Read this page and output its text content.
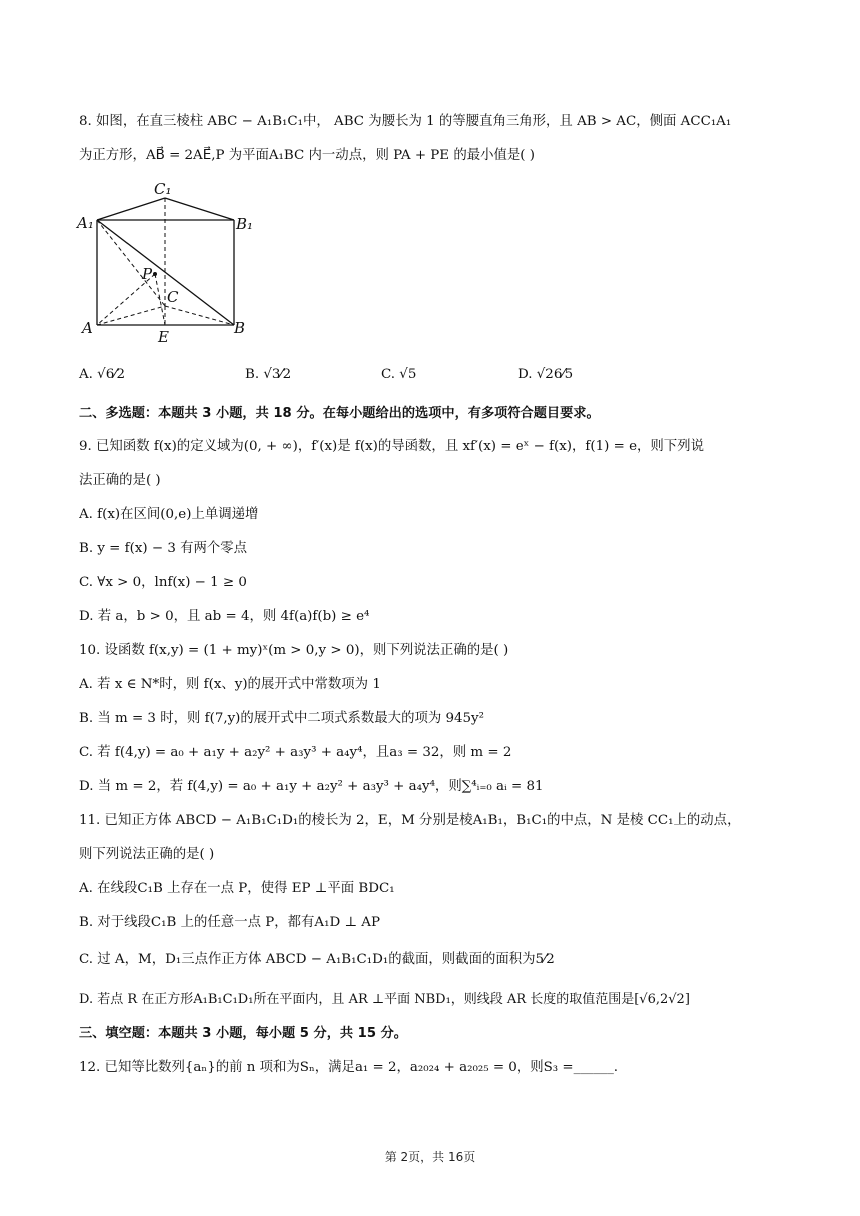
8. 如图，在直三棱柱 ABC − A₁B₁C₁中， ABC 为腰长为 1 的等腰直角三角形，且 AB > AC，侧面 ACC₁A₁
为正方形，AB⃗ = 2AE⃗,P 为平面A₁BC 内一动点，则 PA + PE 的最小值是( )
C₁
A₁	B₁
P
C
A	E	B
A. √6⁄2	B. √3⁄2	C. √5	D. √26⁄5
二、多选题：本题共 3 小题，共 18 分。在每小题给出的选项中，有多项符合题目要求。
9. 已知函数 f(x)的定义域为(0, + ∞)，f′(x)是 f(x)的导函数，且 xf′(x) = eˣ − f(x)，f(1) = e，则下列说
法正确的是( )
A. f(x)在区间(0,e)上单调递增
B. y = f(x) − 3 有两个零点
C. ∀x > 0，lnf(x) − 1 ≥ 0
D. 若 a，b > 0，且 ab = 4，则 4f(a)f(b) ≥ e⁴
10. 设函数 f(x,y) = (1 + my)ˣ(m > 0,y > 0)，则下列说法正确的是( )
A. 若 x ∈ N*时，则 f(x、y)的展开式中常数项为 1
B. 当 m = 3 时，则 f(7,y)的展开式中二项式系数最大的项为 945y²
C. 若 f(4,y) = a₀ + a₁y + a₂y² + a₃y³ + a₄y⁴，且a₃ = 32，则 m = 2
D. 当 m = 2，若 f(4,y) = a₀ + a₁y + a₂y² + a₃y³ + a₄y⁴，则∑⁴ᵢ₌₀ aᵢ = 81
11. 已知正方体 ABCD − A₁B₁C₁D₁的棱长为 2，E，M 分别是棱A₁B₁，B₁C₁的中点，N 是棱 CC₁上的动点，
则下列说法正确的是( )
A. 在线段C₁B 上存在一点 P，使得 EP ⊥平面 BDC₁
B. 对于线段C₁B 上的任意一点 P，都有A₁D ⊥ AP
C. 过 A，M，D₁三点作正方体 ABCD − A₁B₁C₁D₁的截面，则截面的面积为5⁄2
D. 若点 R 在正方形A₁B₁C₁D₁所在平面内，且 AR ⊥平面 NBD₁，则线段 AR 长度的取值范围是[√6,2√2]
三、填空题：本题共 3 小题，每小题 5 分，共 15 分。
12. 已知等比数列{aₙ}的前 n 项和为Sₙ，满足a₁ = 2，a₂₀₂₄ + a₂₀₂₅ = 0，则S₃ =______.
第 2页，共 16页
